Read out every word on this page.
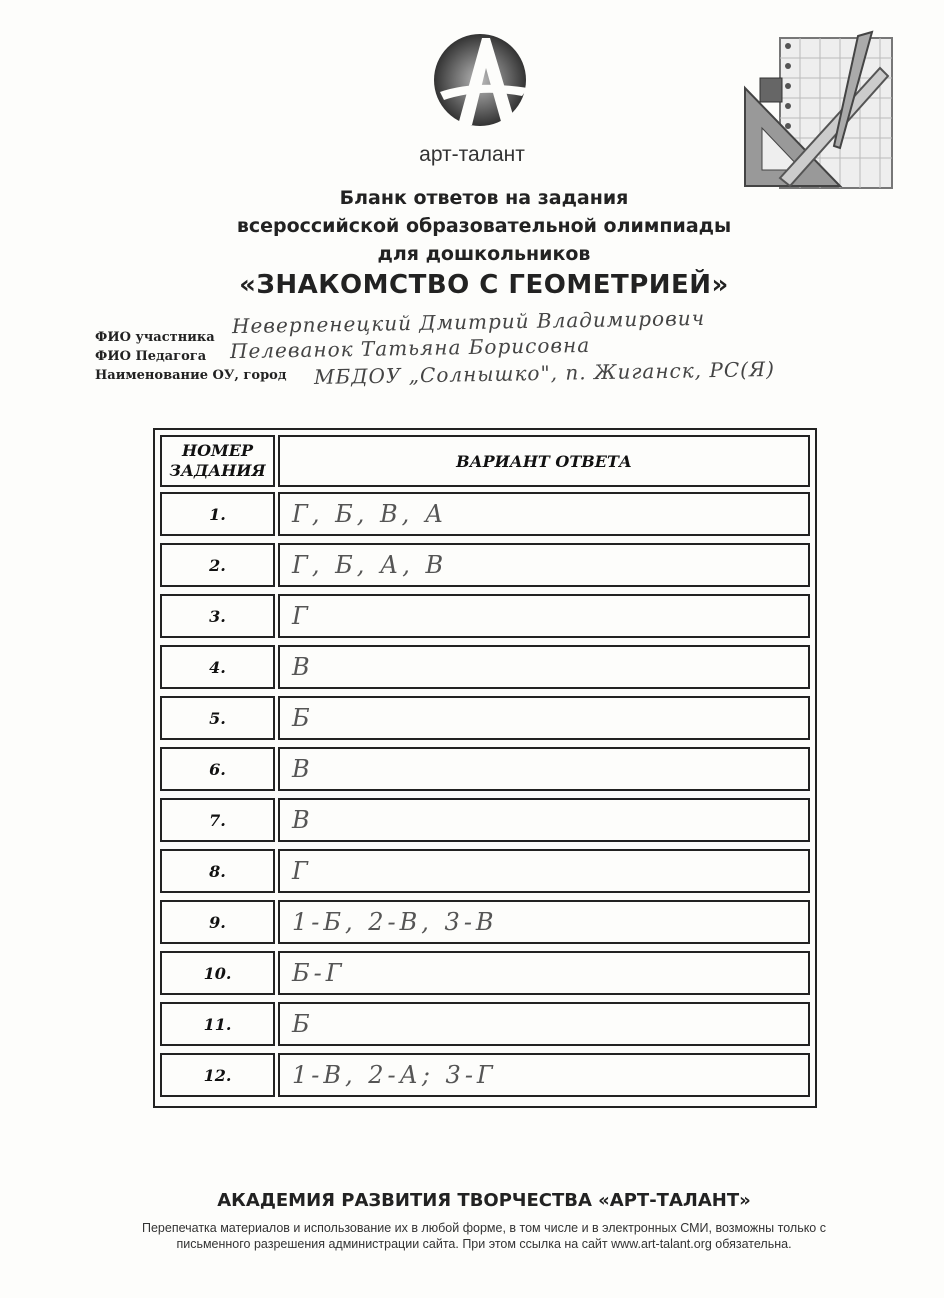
арт-талант
Бланк ответов на задания
всероссийской образовательной олимпиады
для дошкольников
«ЗНАКОМСТВО С ГЕОМЕТРИЕЙ»
ФИО участника Неверпенецкий Дмитрий Владимирович
ФИО Педагога Пелеванок Татьяна Борисовна
Наименование ОУ, город МБДОУ „Солнышко", п. Жиганск, РС(Я)
НОМЕР
ЗАДАНИЯ	ВАРИАНТ ОТВЕТА
1.	Г, Б, В, А
2.	Г, Б, А, В
3.	Г
4.	В
5.	Б
6.	В
7.	В
8.	Г
9.	1-Б, 2-В, 3-В
10.	Б-Г
11.	Б
12.	1-В, 2-А; 3-Г
АКАДЕМИЯ РАЗВИТИЯ ТВОРЧЕСТВА «АРТ-ТАЛАНТ»
Перепечатка материалов и использование их в любой форме, в том числе и в электронных СМИ, возможны только с
письменного разрешения администрации сайта. При этом ссылка на сайт www.art-talant.org обязательна.
